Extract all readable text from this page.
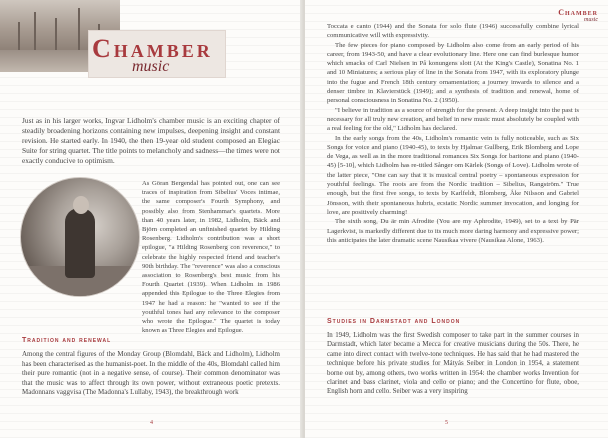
Chamber
music

Just as in his larger works, Ingvar Lidholm's chamber music is an exciting chapter of steadily broadening horizons containing new impulses, deepening insight and constant revision. He started early. In 1940, the then 19-year old student composed an Elegiac Suite for string quartet. The title points to melancholy and sadness—the times were not exactly conducive to optimism.

As Göran Bergendal has pointed out, one can see traces of inspiration from Sibelius' Voces intimae, the same composer's Fourth Symphony, and possibly also from Stenhammar's quartets. More than 40 years later, in 1982, Lidholm, Bäck and Björn completed an unfinished quartet by Hilding Rosenberg. Lidholm's contribution was a short epilogue, "a Hilding Rosenberg con reverence," to celebrate the highly respected friend and teacher's 90th birthday. The "reverence" was also a conscious association to Rosenberg's best music from his Fourth Quartet (1939). When Lidholm in 1986 appended this Epilogue to the Three Elegies from 1947 he had a reason: he "wanted to see if the youthful tones had any relevance to the composer who wrote the Epilogue." The quartet is today known as Three Elegies and Epilogue.

Tradition and renewal

Among the central figures of the Monday Group (Blomdahl, Bäck and Lidholm), Lidholm has been characterised as the humanist-poet. In the middle of the 40s, Blomdahl called him their pure romantic (not in a negative sense, of course). Their common denominator was that the music was to affect through its own power, without extraneous poetic pretexts. Madonnans vaggvisa (The Madonna's Lullaby, 1943), the breakthrough work

4
Chamber
music

Toccata e canto (1944) and the Sonata for solo flute (1946) successfully combine lyrical communicative will with expressivity.

The few pieces for piano composed by Lidholm also come from an early period of his career, from 1943-50, and have a clear evolutionary line. Here one can find burlesque humor which smacks of Carl Nielsen in På konungens slott (At the King's Castle), Sonatina No. 1 and 10 Miniatures; a serious play of line in the Sonata from 1947, with its exploratory plunge into the fugue and French 18th century ornamentation; a journey inwards to silence and a denser timbre in Klavierstück (1949); and a synthesis of tradition and renewal, home of personal consciousness in Sonatina No. 2 (1950).

"I believe in tradition as a source of strength for the present. A deep insight into the past is necessary for all truly new creation, and belief in new music must absolutely be coupled with a real feeling for the old," Lidholm has declared.

In the early songs from the 40s, Lidholm's romantic vein is fully noticeable, such as Six Songs for voice and piano (1940-45), to texts by Hjalmar Gullberg, Erik Blomberg and Lope de Vega, as well as in the more traditional romances Six Songs for baritone and piano (1940-45) [5-10], which Lidholm has re-titled Sånger om Kärlek (Songs of Love). Lidholm wrote of the latter piece, "One can say that it is musical central poetry – spontaneous expression for youthful feelings. The roots are from the Nordic tradition – Sibelius, Rangström." True enough, but the first five songs, to texts by Karlfeldt, Blomberg, Åke Nilsson and Gabriel Jönsson, with their spontaneous hubris, ecstatic Nordic summer invocation, and longing for love, are positively charming!

The sixth song, Du är min Afrodite (You are my Aphrodite, 1949), set to a text by Pär Lagerkvist, is markedly different due to its much more daring harmony and expressive power; this anticipates the later dramatic scene Nausikaa vivere (Nausikaa Alone, 1963).

Studies in Darmstadt and London

In 1949, Lidholm was the first Swedish composer to take part in the summer courses in Darmstadt, which later became a Mecca for creative musicians during the 50s. There, he came into direct contact with twelve-tone techniques. He has said that he had mastered the technique before his private studies for Mátyás Seiber in London in 1954, a statement borne out by, among others, two works written in 1954: the chamber works Invention for clarinet and bass clarinet, viola and cello or piano; and the Concertino for flute, oboe, English horn and cello. Seiber was a very inspiring

5
